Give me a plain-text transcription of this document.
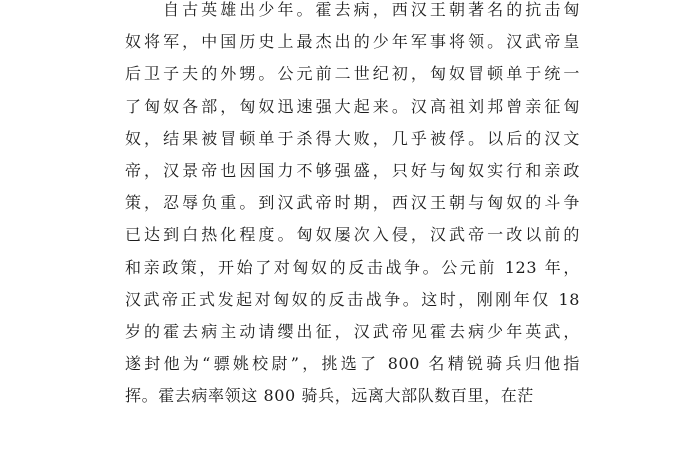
自古英雄出少年。霍去病，西汉王朝著名的抗击匈
奴将军，中国历史上最杰出的少年军事将领。汉武帝皇
后卫子夫的外甥。公元前二世纪初，匈奴冒顿单于统一
了匈奴各部，匈奴迅速强大起来。汉高祖刘邦曾亲征匈
奴，结果被冒顿单于杀得大败，几乎被俘。以后的汉文
帝，汉景帝也因国力不够强盛，只好与匈奴实行和亲政
策，忍辱负重。到汉武帝时期，西汉王朝与匈奴的斗争
已达到白热化程度。匈奴屡次入侵，汉武帝一改以前的
和亲政策，开始了对匈奴的反击战争。公元前 123 年，
汉武帝正式发起对匈奴的反击战争。这时，刚刚年仅 18
岁的霍去病主动请缨出征，汉武帝见霍去病少年英武，
遂封他为“骠姚校尉”，挑选了 800 名精锐骑兵归他指
挥。霍去病率领这 800 骑兵，远离大部队数百里，在茫
